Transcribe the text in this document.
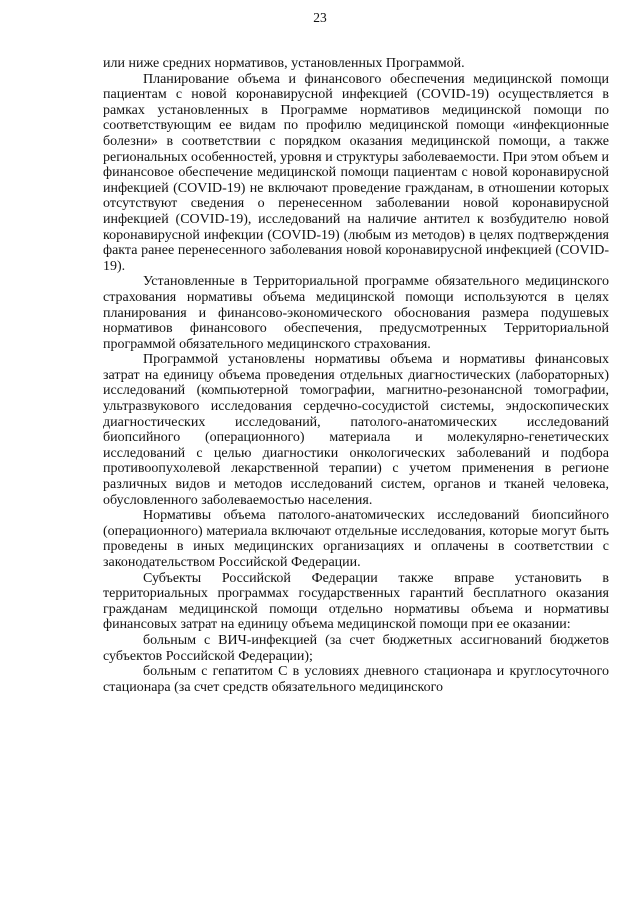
23

или ниже средних нормативов, установленных Программой.

Планирование объема и финансового обеспечения медицинской помощи пациентам с новой коронавирусной инфекцией (COVID-19) осуществляется в рамках установленных в Программе нормативов медицинской помощи по соответствующим ее видам по профилю медицинской помощи «инфекционные болезни» в соответствии с порядком оказания медицинской помощи, а также региональных особенностей, уровня и структуры заболеваемости. При этом объем и финансовое обеспечение медицинской помощи пациентам с новой коронавирусной инфекцией (COVID-19) не включают проведение гражданам, в отношении которых отсутствуют сведения о перенесенном заболевании новой коронавирусной инфекцией (COVID-19), исследований на наличие антител к возбудителю новой коронавирусной инфекции (COVID-19) (любым из методов) в целях подтверждения факта ранее перенесенного заболевания новой коронавирусной инфекцией (COVID-19).

Установленные в Территориальной программе обязательного медицинского страхования нормативы объема медицинской помощи используются в целях планирования и финансово-экономического обоснования размера подушевых нормативов финансового обеспечения, предусмотренных Территориальной программой обязательного медицинского страхования.

Программой установлены нормативы объема и нормативы финансовых затрат на единицу объема проведения отдельных диагностических (лабораторных) исследований (компьютерной томографии, магнитно-резонансной томографии, ультразвукового исследования сердечно-сосудистой системы, эндоскопических диагностических исследований, патолого-анатомических исследований биопсийного (операционного) материала и молекулярно-генетических исследований с целью диагностики онкологических заболеваний и подбора противоопухолевой лекарственной терапии) с учетом применения в регионе различных видов и методов исследований систем, органов и тканей человека, обусловленного заболеваемостью населения.

Нормативы объема патолого-анатомических исследований биопсийного (операционного) материала включают отдельные исследования, которые могут быть проведены в иных медицинских организациях и оплачены в соответствии с законодательством Российской Федерации.

Субъекты Российской Федерации также вправе установить в территориальных программах государственных гарантий бесплатного оказания гражданам медицинской помощи отдельно нормативы объема и нормативы финансовых затрат на единицу объема медицинской помощи при ее оказании:

больным с ВИЧ-инфекцией (за счет бюджетных ассигнований бюджетов субъектов Российской Федерации);

больным с гепатитом С в условиях дневного стационара и круглосуточного стационара (за счет средств обязательного медицинского
